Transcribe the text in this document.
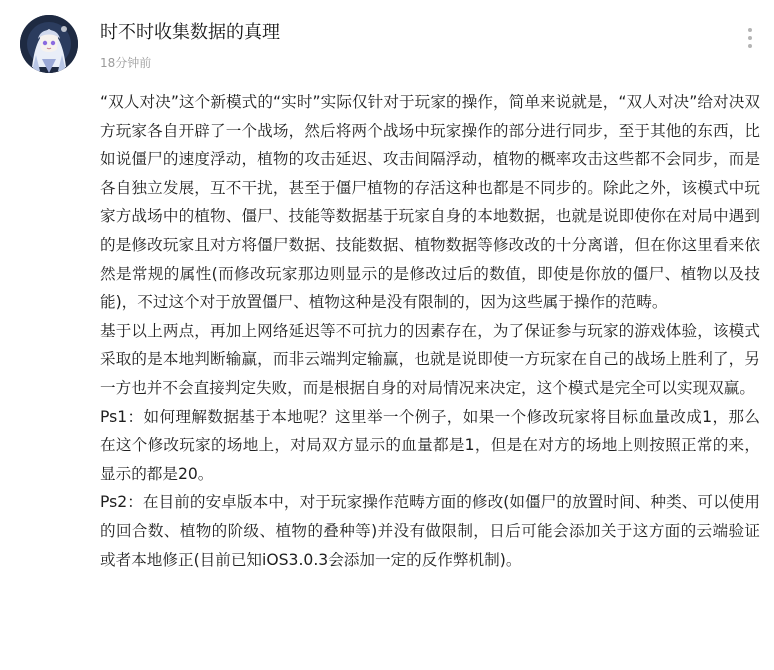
时不时收集数据的真理
18分钟前

“双人对决”这个新模式的“实时”实际仅针对于玩家的操作，简单来说就是，“双人对决”给对决双方玩家各自开辟了一个战场，然后将两个战场中玩家操作的部分进行同步，至于其他的东西，比如说僵尸的速度浮动，植物的攻击延迟、攻击间隔浮动，植物的概率攻击这些都不会同步，而是各自独立发展，互不干扰，甚至于僵尸植物的存活这种也都是不同步的。除此之外，该模式中玩家方战场中的植物、僵尸、技能等数据基于玩家自身的本地数据，也就是说即使你在对局中遇到的是修改玩家且对方将僵尸数据、技能数据、植物数据等修改改的十分离谱，但在你这里看来依然是常规的属性(而修改玩家那边则显示的是修改过后的数值，即使是你放的僵尸、植物以及技能)，不过这个对于放置僵尸、植物这种是没有限制的，因为这些属于操作的范畴。

基于以上两点，再加上网络延迟等不可抗力的因素存在，为了保证参与玩家的游戏体验，该模式采取的是本地判断输赢，而非云端判定输赢，也就是说即使一方玩家在自己的战场上胜利了，另一方也并不会直接判定失败，而是根据自身的对局情况来决定，这个模式是完全可以实现双赢。

Ps1：如何理解数据基于本地呢？这里举一个例子，如果一个修改玩家将目标血量改成1，那么在这个修改玩家的场地上，对局双方显示的血量都是1，但是在对方的场地上则按照正常的来，显示的都是20。

Ps2：在目前的安卓版本中，对于玩家操作范畴方面的修改(如僵尸的放置时间、种类、可以使用的回合数、植物的阶级、植物的叠种等)并没有做限制，日后可能会添加关于这方面的云端验证或者本地修正(目前已知iOS3.0.3会添加一定的反作弊机制)。
